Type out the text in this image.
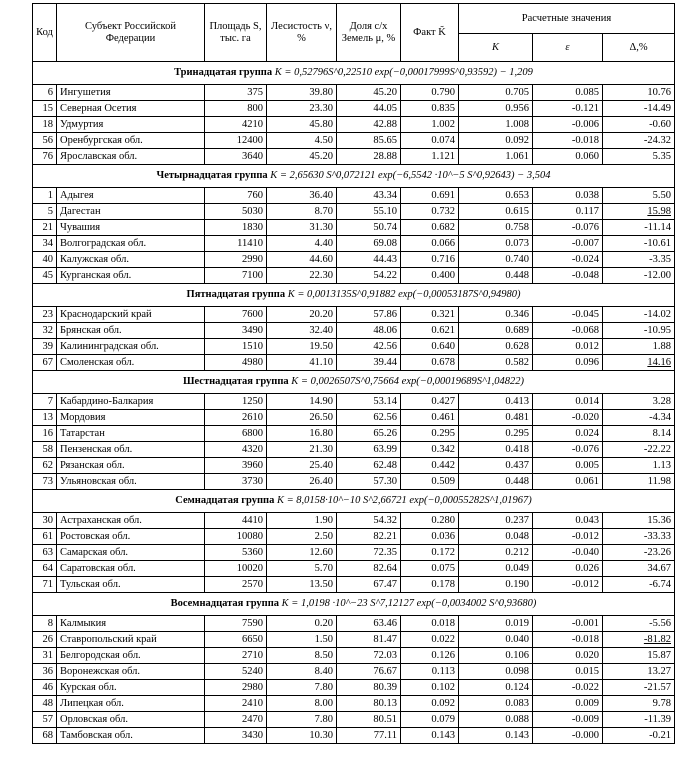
Код	Субъект Российской Федерации	Площадь S, тыс. га	Лесистость ν, %	Доля с/х Земель μ, %	Факт K̃	Расчетные значения		
						K	ε	Δ,%
Тринадцатая группа K = 0,52796S^0,22510 exp(−0,00017999S^0,93592) − 1,209								
6	Ингушетия	375	39.80	45.20	0.790	0.705	0.085	10.76
15	Северная Осетия	800	23.30	44.05	0.835	0.956	-0.121	-14.49
18	Удмуртия	4210	45.80	42.88	1.002	1.008	-0.006	-0.60
56	Оренбургская обл.	12400	4.50	85.65	0.074	0.092	-0.018	-24.32
76	Ярославская обл.	3640	45.20	28.88	1.121	1.061	0.060	5.35
Четырнадцатая группа K = 2,65630 S^0,072121 exp(−6,5542 ·10^−5 S^0,92643) − 3,504								
1	Адыгея	760	36.40	43.34	0.691	0.653	0.038	5.50
5	Дагестан	5030	8.70	55.10	0.732	0.615	0.117	15.98
21	Чувашия	1830	31.30	50.74	0.682	0.758	-0.076	-11.14
34	Волгоградская обл.	11410	4.40	69.08	0.066	0.073	-0.007	-10.61
40	Калужская обл.	2990	44.60	44.43	0.716	0.740	-0.024	-3.35
45	Курганская обл.	7100	22.30	54.22	0.400	0.448	-0.048	-12.00
Пятнадцатая группа K = 0,0013135S^0,91882 exp(−0,00053187S^0,94980)								
23	Краснодарский край	7600	20.20	57.86	0.321	0.346	-0.045	-14.02
32	Брянская обл.	3490	32.40	48.06	0.621	0.689	-0.068	-10.95
39	Калининградская обл.	1510	19.50	42.56	0.640	0.628	0.012	1.88
67	Смоленская обл.	4980	41.10	39.44	0.678	0.582	0.096	14.16
Шестнадцатая группа K = 0,0026507S^0,75664 exp(−0,00019689S^1,04822)								
7	Кабардино-Балкария	1250	14.90	53.14	0.427	0.413	0.014	3.28
13	Мордовия	2610	26.50	62.56	0.461	0.481	-0.020	-4.34
16	Татарстан	6800	16.80	65.26	0.295	0.295	0.024	8.14
58	Пензенская обл.	4320	21.30	63.99	0.342	0.418	-0.076	-22.22
62	Рязанская обл.	3960	25.40	62.48	0.442	0.437	0.005	1.13
73	Ульяновская обл.	3730	26.40	57.30	0.509	0.448	0.061	11.98
Семнадцатая группа K = 8,0158·10^−10 S^2,66721 exp(−0,00055282S^1,01967)								
30	Астраханская обл.	4410	1.90	54.32	0.280	0.237	0.043	15.36
61	Ростовская обл.	10080	2.50	82.21	0.036	0.048	-0.012	-33.33
63	Самарская обл.	5360	12.60	72.35	0.172	0.212	-0.040	-23.26
64	Саратовская обл.	10020	5.70	82.64	0.075	0.049	0.026	34.67
71	Тульская обл.	2570	13.50	67.47	0.178	0.190	-0.012	-6.74
Восемнадцатая группа K = 1,0198 ·10^−23 S^7,12127 exp(−0,0034002 S^0,93680)								
8	Калмыкия	7590	0.20	63.46	0.018	0.019	-0.001	-5.56
26	Ставропольский край	6650	1.50	81.47	0.022	0.040	-0.018	-81.82
31	Белгородская обл.	2710	8.50	72.03	0.126	0.106	0.020	15.87
36	Воронежская обл.	5240	8.40	76.67	0.113	0.098	0.015	13.27
46	Курская обл.	2980	7.80	80.39	0.102	0.124	-0.022	-21.57
48	Липецкая обл.	2410	8.00	80.13	0.092	0.083	0.009	9.78
57	Орловская обл.	2470	7.80	80.51	0.079	0.088	-0.009	-11.39
68	Тамбовская обл.	3430	10.30	77.11	0.143	0.143	-0.000	-0.21
